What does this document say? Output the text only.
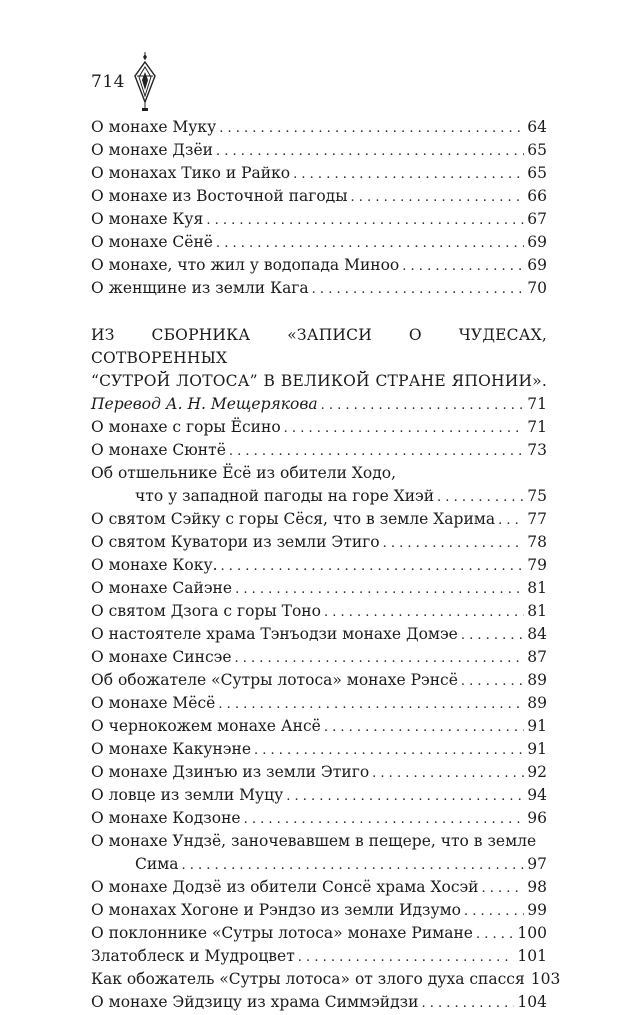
714
О монахе Муку . . .	64
О монахе Дзёи . . .	65
О монахах Тико и Райко . . .	65
О монахе из Восточной пагоды . . .	66
О монахе Куя . . .	67
О монахе Сёнё . . .	69
О монахе, что жил у водопада Миноо . . .	69
О женщине из земли Кага . . .	70
ИЗ СБОРНИКА «ЗАПИСИ О ЧУДЕСАХ, СОТВОРЕННЫХ
“СУТРОЙ ЛОТОСА” В ВЕЛИКОЙ СТРАНЕ ЯПОНИИ».
Перевод А. Н. Мещерякова . . .	71
О монахе с горы Ёсино . . .	71
О монахе Сюнтё . . .	73
Об отшельнике Ёсё из обители Ходо,
что у западной пагоды на горе Хиэй . . .	75
О святом Сэйку с горы Сёся, что в земле Харима . . . 77
О святом Куватори из земли Этиго . . .	78
О монахе Коку. . . .	79
О монахе Сайэне . . .	81
О святом Дзога с горы Тоно . . .	81
О настоятеле храма Тэнъодзи монахе Домэе . . .	84
О монахе Синсэе . . .	87
Об обожателе «Сутры лотоса» монахе Рэнсё . . .	89
О монахе Мёсё . . .	89
О чернокожем монахе Ансё . . .	91
О монахе Какунэне . . .	91
О монахе Дзинъю из земли Этиго . . .	92
О ловце из земли Муцу . . .	94
О монахе Кодзоне . . .	96
О монахе Ундзё, заночевавшем в пещере, что в земле
Сима . . .	97
О монахе Додзё из обители Сонсё храма Хосэй . . .	98
О монахах Хогоне и Рэндзо из земли Идзумо . . .	99
О поклоннике «Сутры лотоса» монахе Римане . . .	100
Златоблеск и Мудроцвет . . .	101
Как обожатель «Сутры лотоса» от злого духа спасся 103
О монахе Эйдзицу из храма Симмэйдзи . . .	104
